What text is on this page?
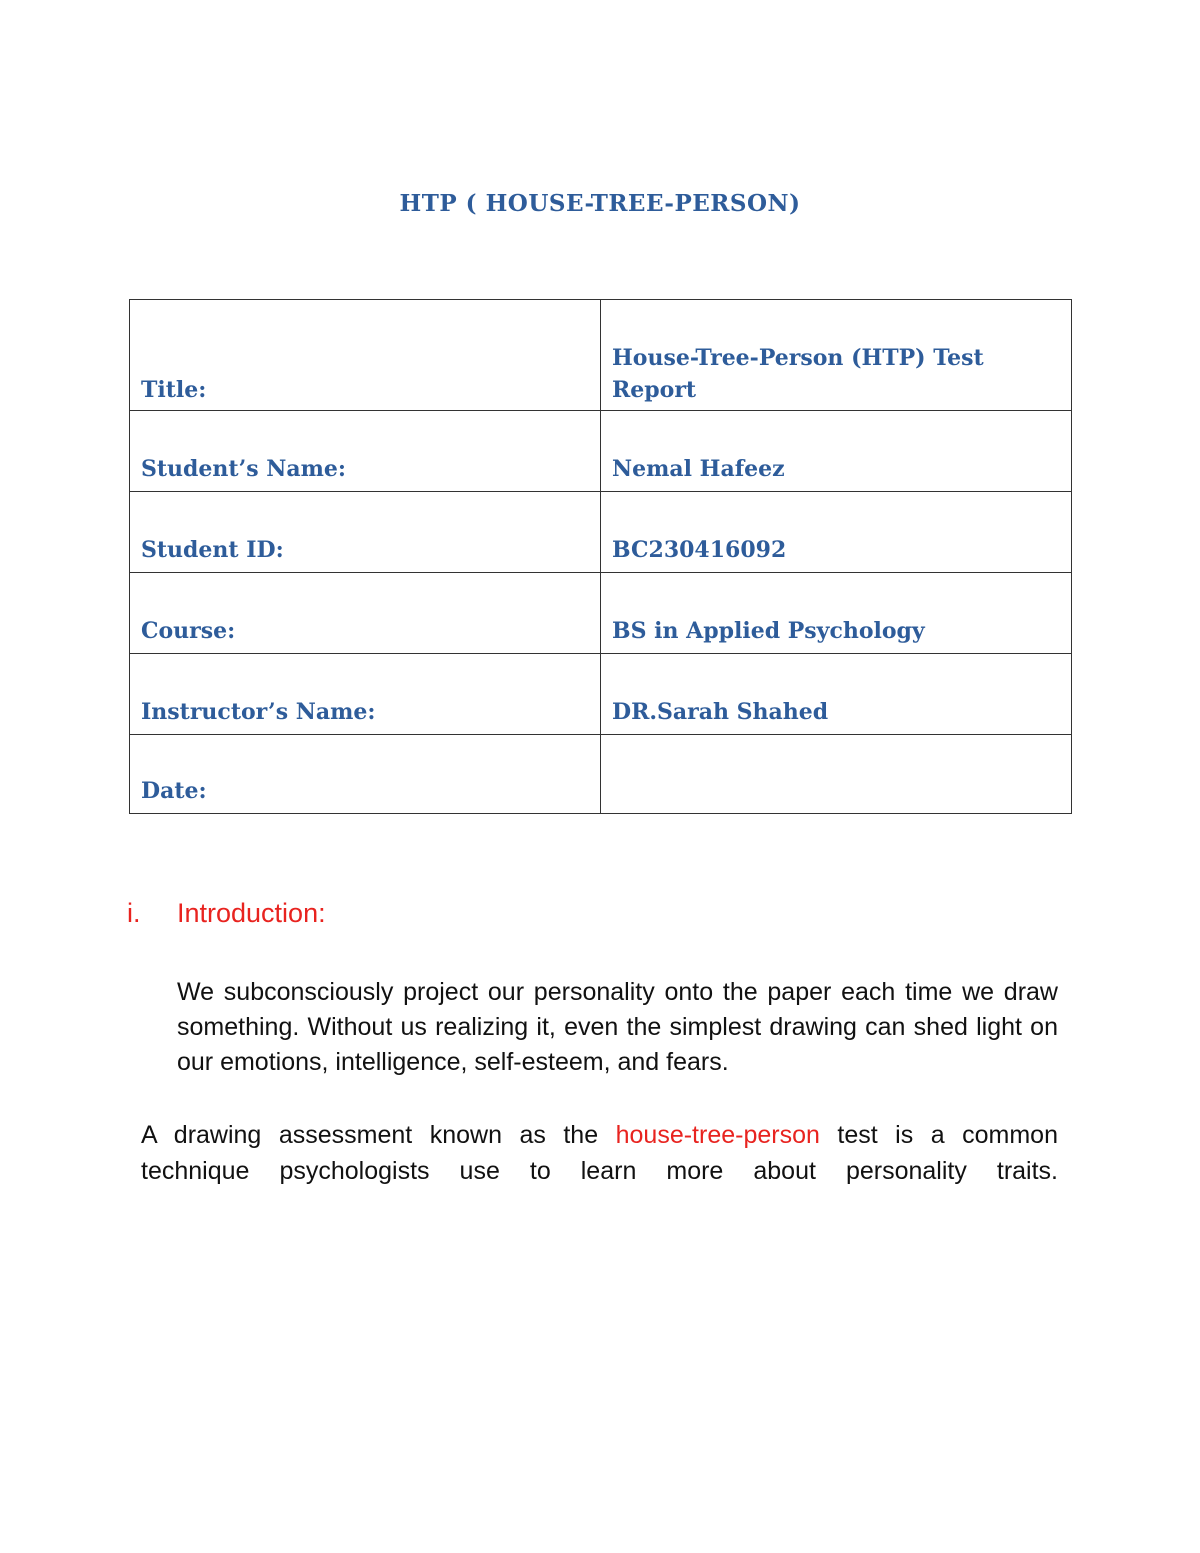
HTP ( HOUSE-TREE-PERSON)
Title:	House-Tree-Person (HTP) Test Report
Student’s Name:	Nemal Hafeez
Student ID:	BC230416092
Course:	BS in Applied Psychology
Instructor’s Name:	DR.Sarah Shahed
Date:	
i. Introduction:
We subconsciously project our personality onto the paper each time we draw something. Without us realizing it, even the simplest drawing can shed light on our emotions, intelligence, self-esteem, and fears.
A drawing assessment known as the house-tree-person test is a common technique psychologists use to learn more about personality traits.
